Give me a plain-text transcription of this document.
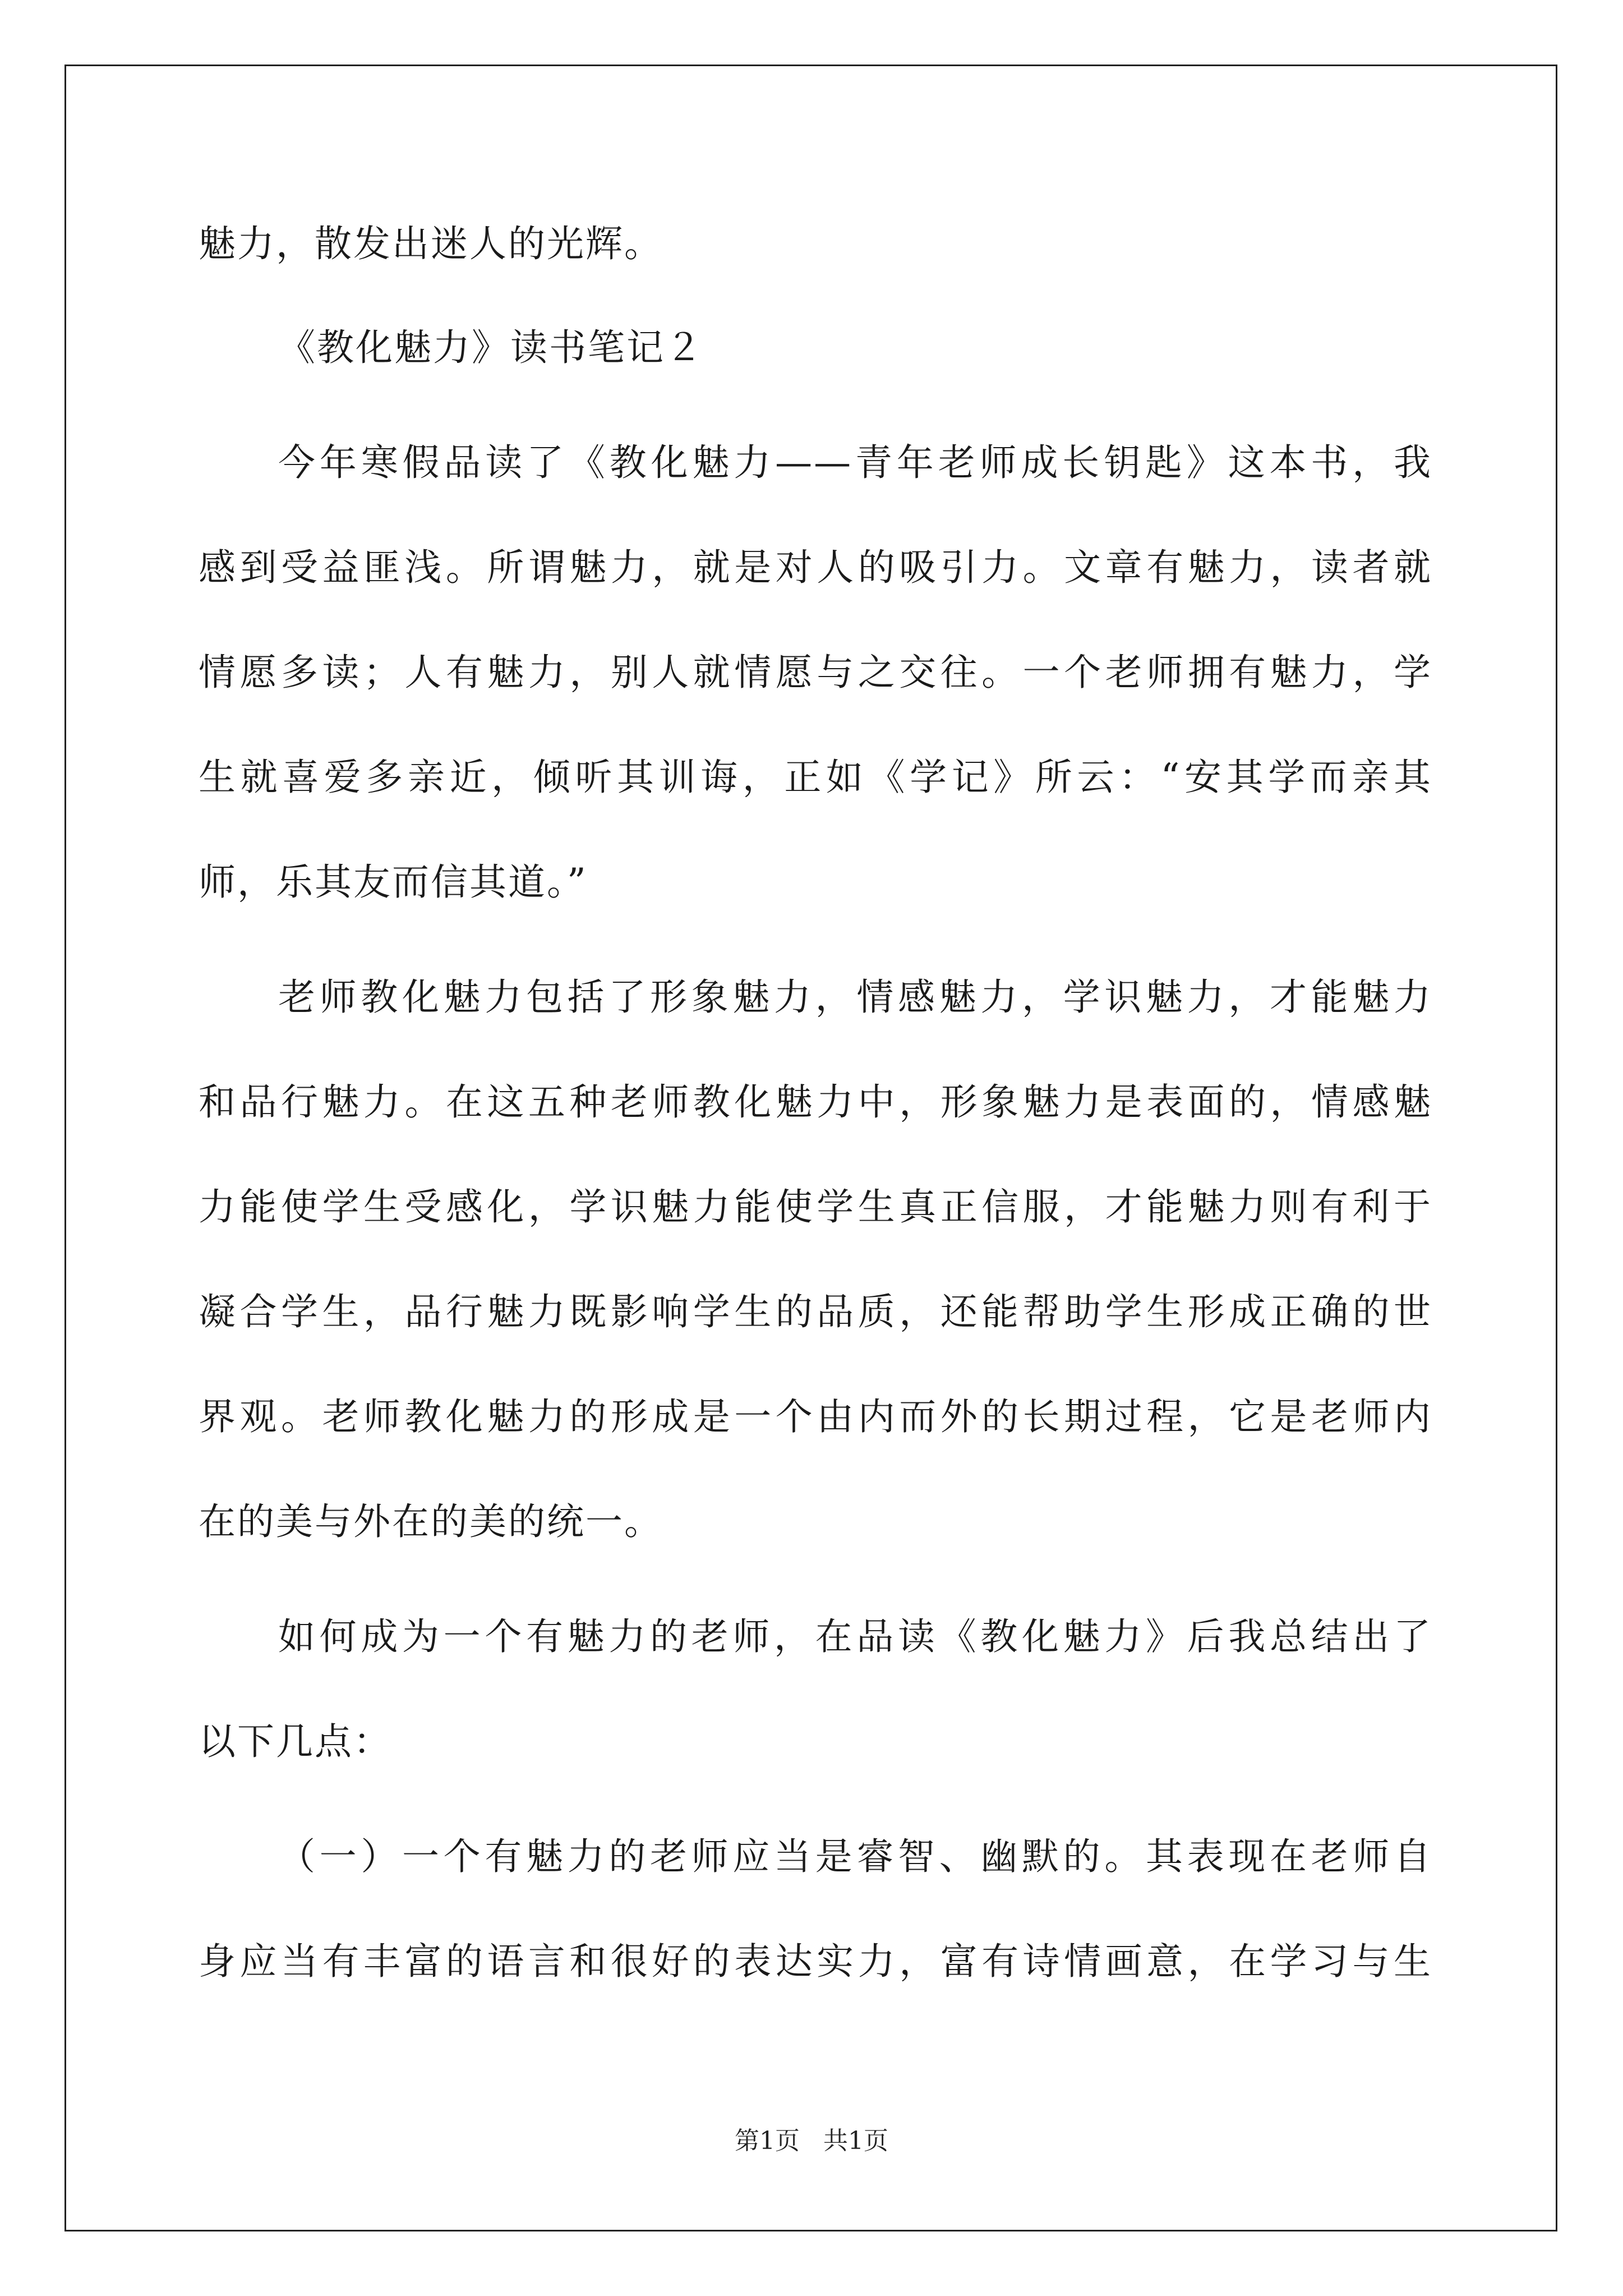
魅力，散发出迷人的光辉。
《教化魅力》读书笔记２
今年寒假品读了《教化魅力——青年老师成长钥匙》这本书，我
感到受益匪浅。所谓魅力，就是对人的吸引力。文章有魅力，读者就
情愿多读；人有魅力，别人就情愿与之交往。一个老师拥有魅力，学
生就喜爱多亲近，倾听其训诲，正如《学记》所云：“安其学而亲其
师，乐其友而信其道。”
老师教化魅力包括了形象魅力，情感魅力，学识魅力，才能魅力
和品行魅力。在这五种老师教化魅力中，形象魅力是表面的，情感魅
力能使学生受感化，学识魅力能使学生真正信服，才能魅力则有利于
凝合学生，品行魅力既影响学生的品质，还能帮助学生形成正确的世
界观。老师教化魅力的形成是一个由内而外的长期过程，它是老师内
在的美与外在的美的统一。
如何成为一个有魅力的老师，在品读《教化魅力》后我总结出了
以下几点：
（一）一个有魅力的老师应当是睿智、幽默的。其表现在老师自
身应当有丰富的语言和很好的表达实力，富有诗情画意，在学习与生
第1页   共1页
